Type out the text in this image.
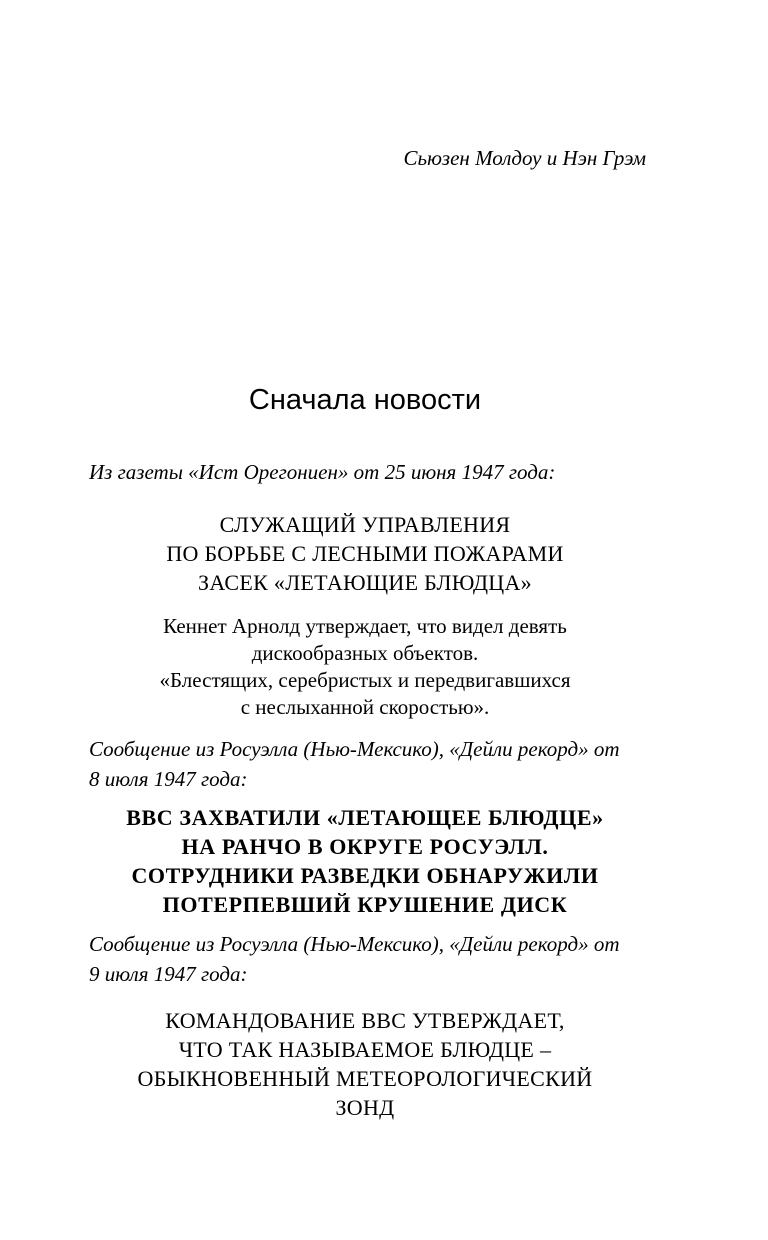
Сьюзен Молдоу и Нэн Грэм
Сначала новости
Из газеты «Ист Орегониен» от 25 июня 1947 года:
СЛУЖАЩИЙ УПРАВЛЕНИЯ
ПО БОРЬБЕ С ЛЕСНЫМИ ПОЖАРАМИ
ЗАСЕК «ЛЕТАЮЩИЕ БЛЮДЦА»
Кеннет Арнолд утверждает, что видел девять
дискообразных объектов.
«Блестящих, серебристых и передвигавшихся
с неслыханной скоростью».
Сообщение из Росуэлла (Нью-Мексико), «Дейли рекорд» от
8 июля 1947 года:
ВВС ЗАХВАТИЛИ «ЛЕТАЮЩЕЕ БЛЮДЦЕ»
НА РАНЧО В ОКРУГЕ РОСУЭЛЛ.
СОТРУДНИКИ РАЗВЕДКИ ОБНАРУЖИЛИ
ПОТЕРПЕВШИЙ КРУШЕНИЕ ДИСК
Сообщение из Росуэлла (Нью-Мексико), «Дейли рекорд» от
9 июля 1947 года:
КОМАНДОВАНИЕ ВВС УТВЕРЖДАЕТ,
ЧТО ТАК НАЗЫВАЕМОЕ БЛЮДЦЕ –
ОБЫКНОВЕННЫЙ МЕТЕОРОЛОГИЧЕСКИЙ
ЗОНД
